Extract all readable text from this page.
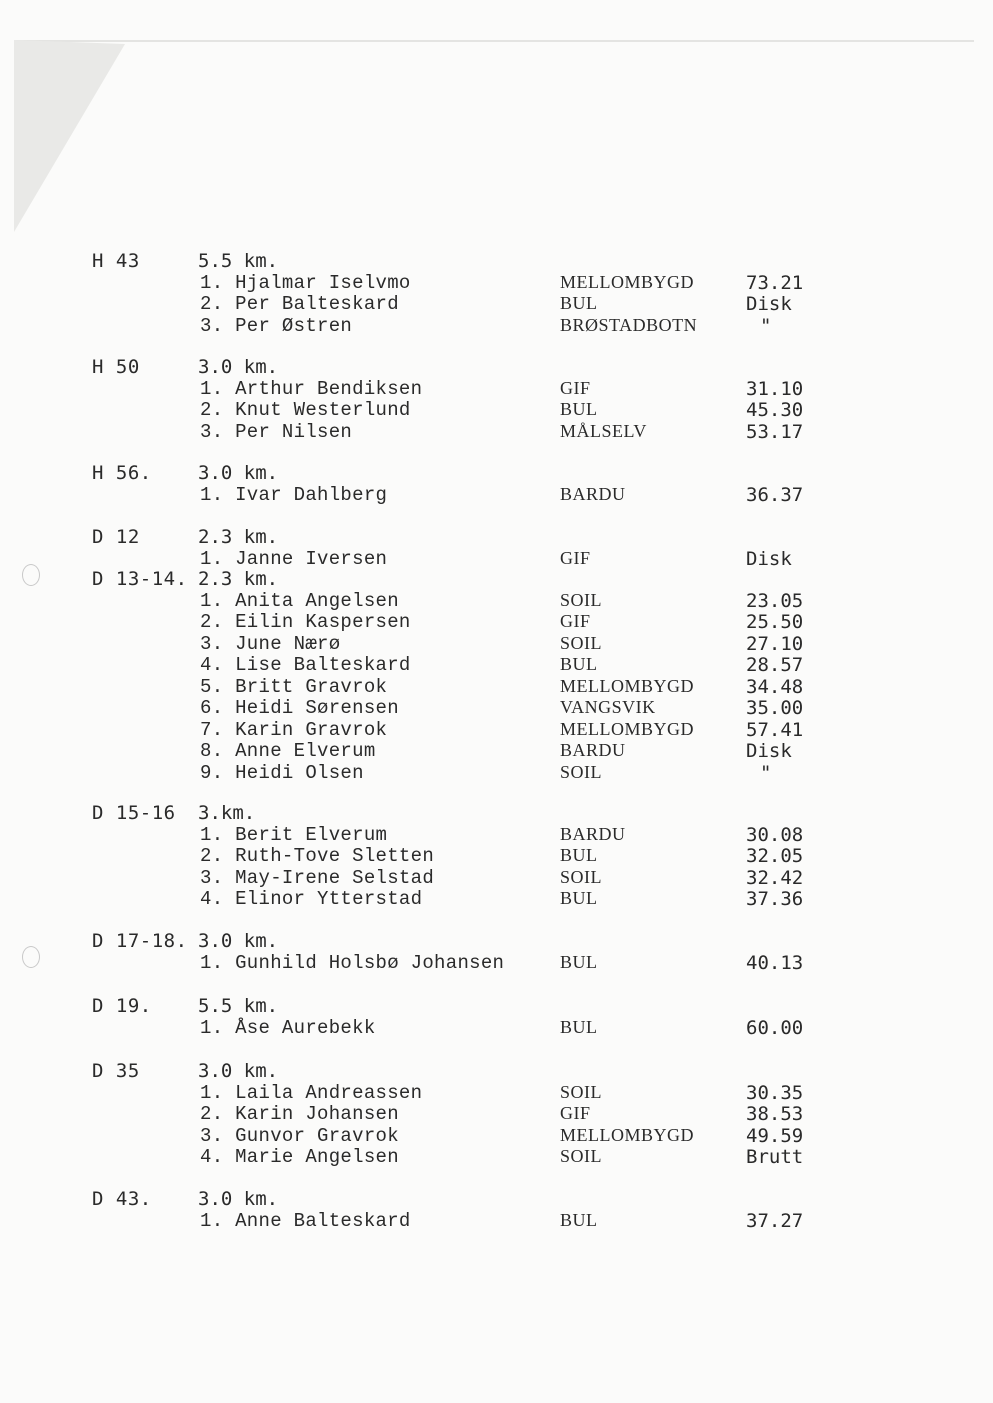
H 43	5.5 km.
1. Hjalmar Iselvmo	MELLOMBYGD	73.21
2. Per Balteskard	BUL	Disk
3. Per Østren	BRØSTADBOTN	"
H 50	3.0 km.
1. Arthur Bendiksen	GIF	31.10
2. Knut Westerlund	BUL	45.30
3. Per Nilsen	MÅLSELV	53.17
H 56. 3.0 km.
1. Ivar Dahlberg	BARDU	36.37
D 12	2.3 km.
1. Janne Iversen	GIF	Disk
D 13-14. 2.3 km.
1. Anita Angelsen	SOIL	23.05
2. Eilin Kaspersen	GIF	25.50
3. June Nærø	SOIL	27.10
4. Lise Balteskard	BUL	28.57
5. Britt Gravrok	MELLOMBYGD	34.48
6. Heidi Sørensen	VANGSVIK	35.00
7. Karin Gravrok	MELLOMBYGD	57.41
8. Anne Elverum	BARDU	Disk
9. Heidi Olsen	SOIL	"
D 15-16 3.km.
1. Berit Elverum	BARDU	30.08
2. Ruth-Tove Sletten	BUL	32.05
3. May-Irene Selstad	SOIL	32.42
4. Elinor Ytterstad	BUL	37.36
D 17-18. 3.0 km.
1. Gunhild Holsbø Johansen	BUL	40.13
D 19. 5.5 km.
1. Åse Aurebekk	BUL	60.00
D 35	3.0 km.
1. Laila Andreassen	SOIL	30.35
2. Karin Johansen	GIF	38.53
3. Gunvor Gravrok	MELLOMBYGD	49.59
4. Marie Angelsen	SOIL	Brutt
D 43. 3.0 km.
1. Anne Balteskard	BUL	37.27
